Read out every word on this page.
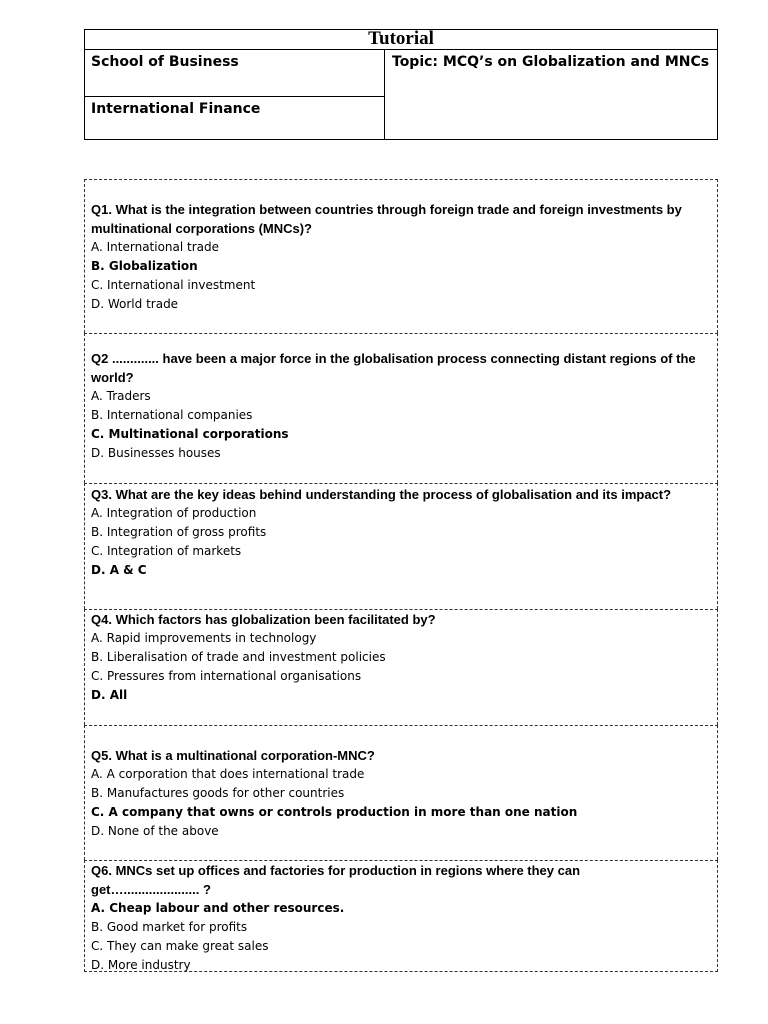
Tutorial
School of Business
International Finance
Topic: MCQ’s on Globalization and MNCs

Q1. What is the integration between countries through foreign trade and foreign investments by multinational corporations (MNCs)?

A. International trade

B. Globalization

C. International investment

D. World trade

Q2 ............. have been a major force in the globalisation process connecting distant regions of the world?

A. Traders

B. International companies

C. Multinational corporations

D. Businesses houses

Q3. What are the key ideas behind understanding the process of globalisation and its impact?

A. Integration of production

B. Integration of gross profits

C. Integration of markets

D. A & C

Q4. Which factors has globalization been facilitated by?

A. Rapid improvements in technology

B. Liberalisation of trade and investment policies

C. Pressures from international organisations

D. All

Q5. What is a multinational corporation-MNC?

A. A corporation that does international trade

B. Manufactures goods for other countries

C. A company that owns or controls production in more than one nation

D. None of the above

Q6. MNCs set up offices and factories for production in regions where they can

get…..................... ?

A. Cheap labour and other resources.

B. Good market for profits

C. They can make great sales

D. More industry
